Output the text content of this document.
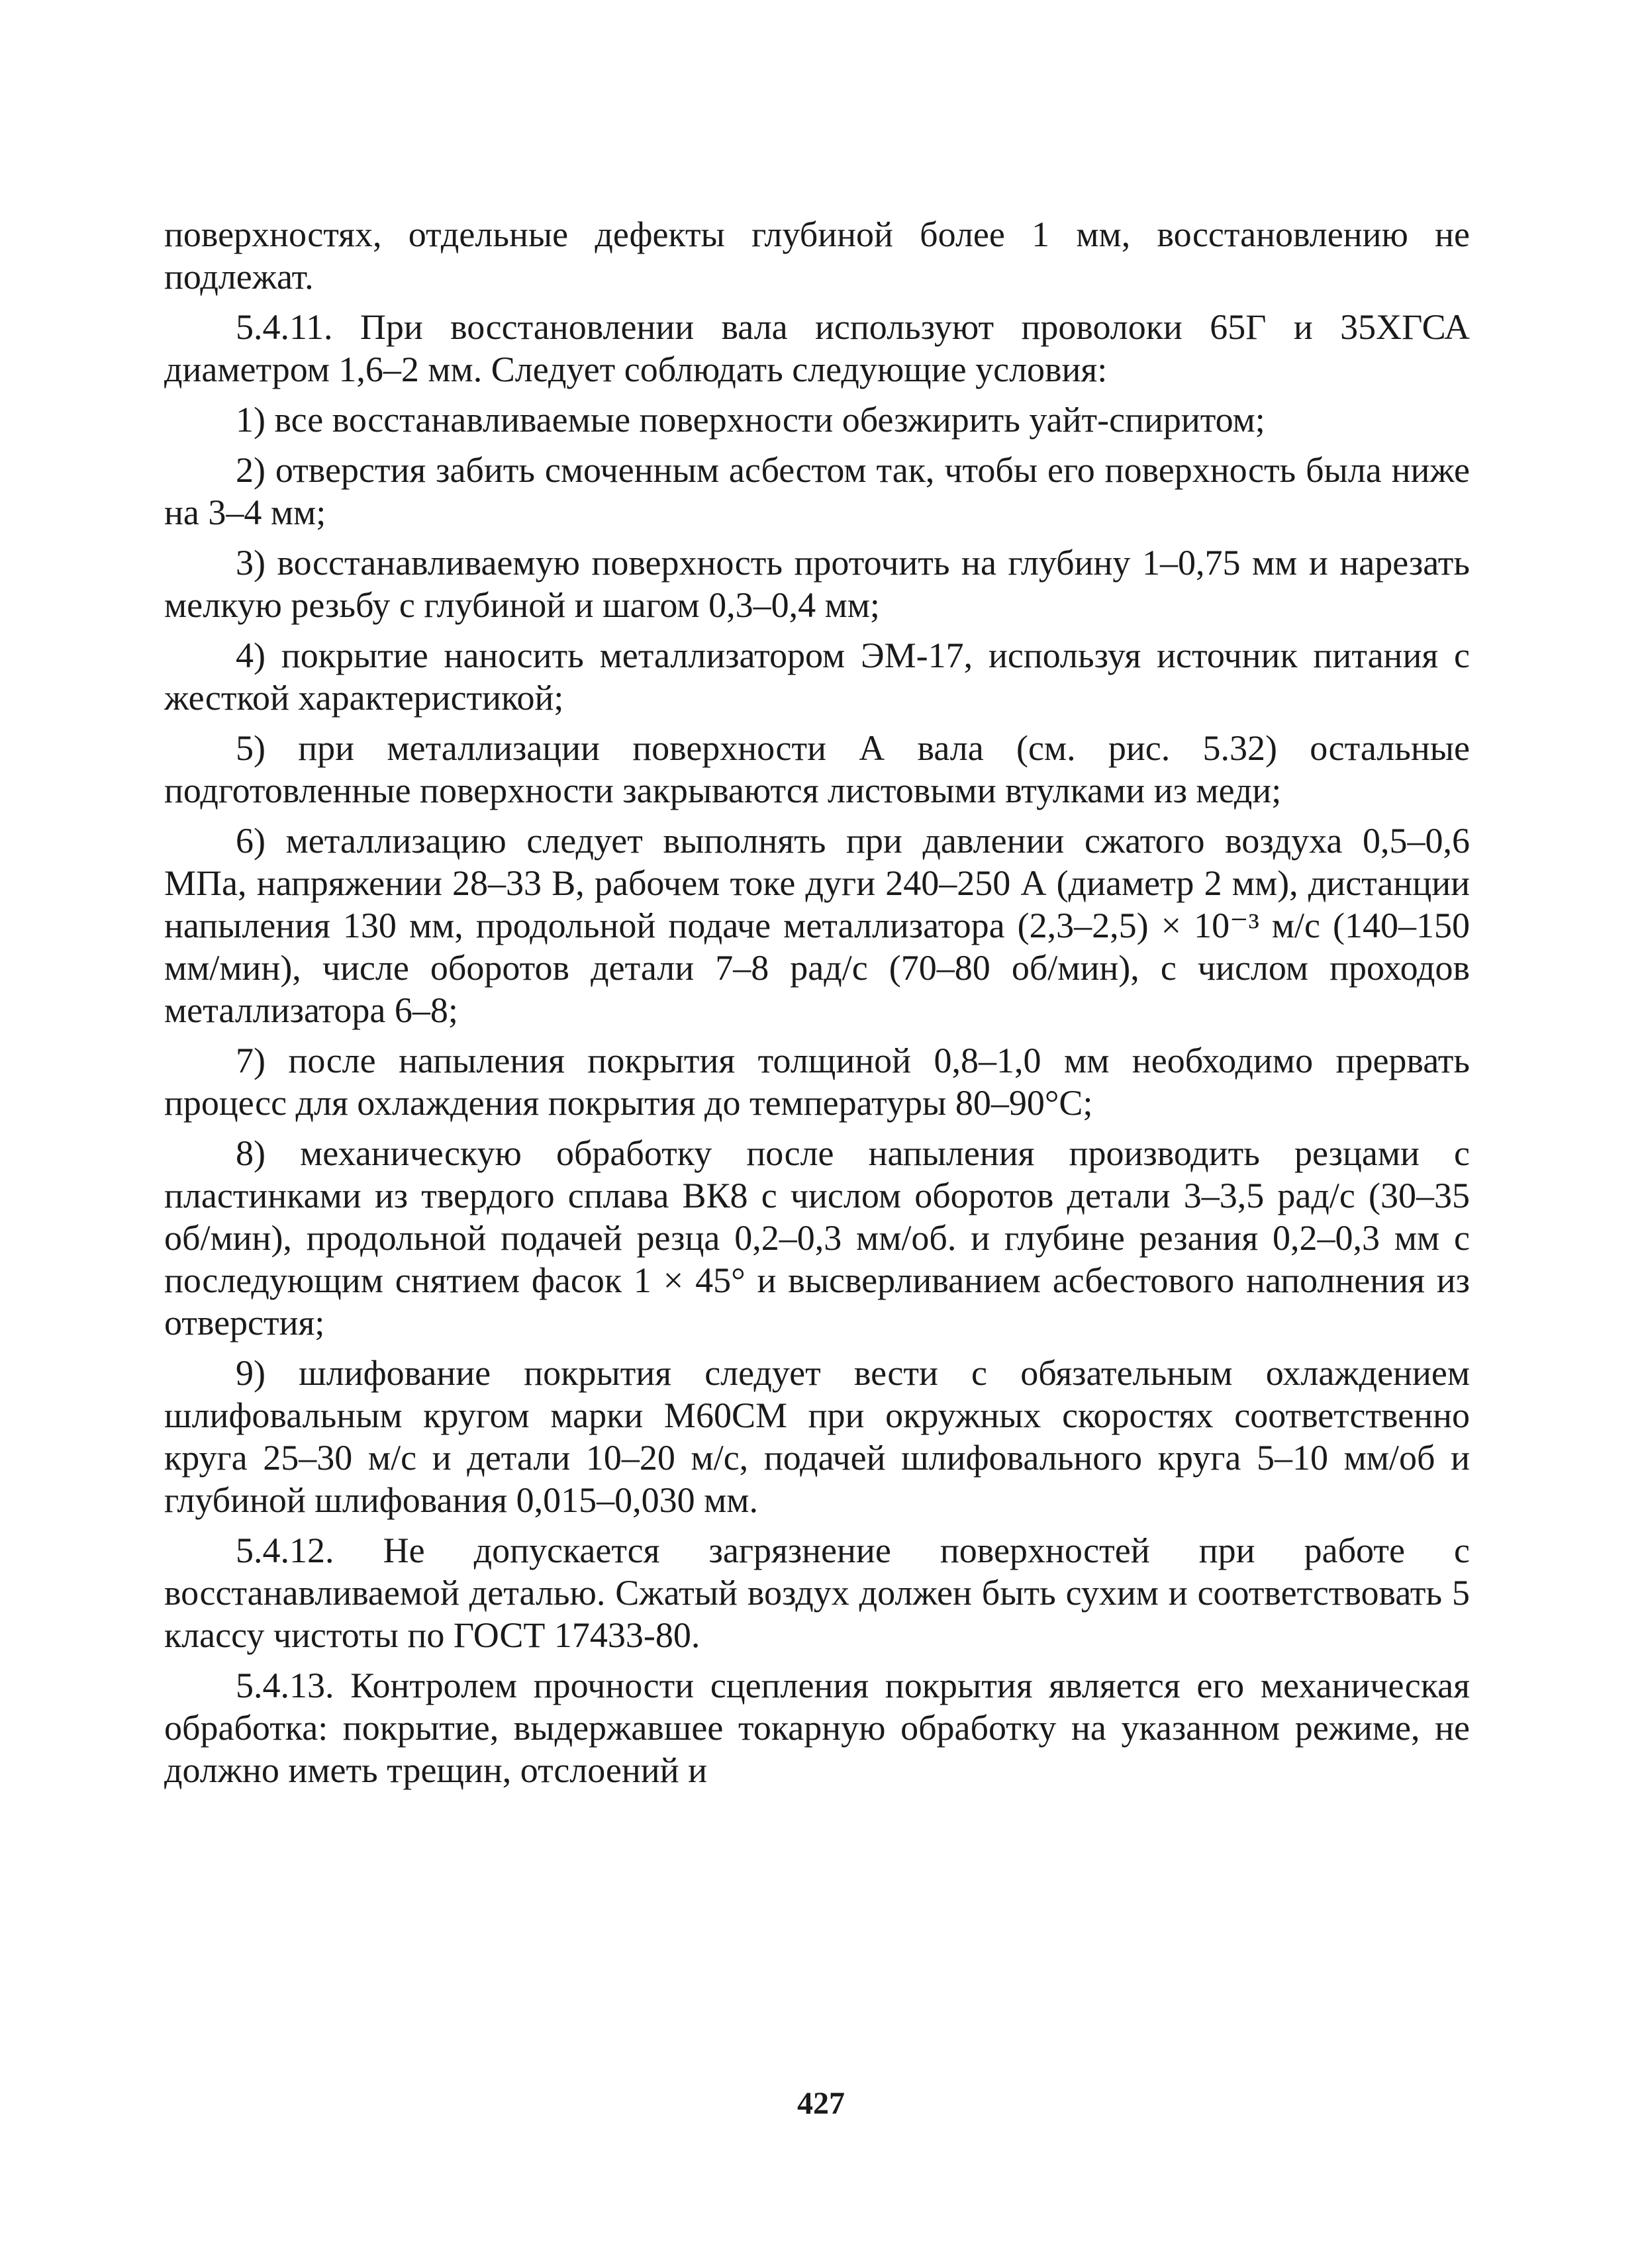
поверхностях, отдельные дефекты глубиной более 1 мм, восстановлению не подлежат.

5.4.11. При восстановлении вала используют проволоки 65Г и 35ХГСА диаметром 1,6–2 мм. Следует соблюдать следующие условия:

1) все восстанавливаемые поверхности обезжирить уайт-спиритом;

2) отверстия забить смоченным асбестом так, чтобы его поверхность была ниже на 3–4 мм;

3) восстанавливаемую поверхность проточить на глубину 1–0,75 мм и нарезать мелкую резьбу с глубиной и шагом 0,3–0,4 мм;

4) покрытие наносить металлизатором ЭМ-17, используя источник питания с жесткой характеристикой;

5) при металлизации поверхности А вала (см. рис. 5.32) остальные подготовленные поверхности закрываются листовыми втулками из меди;

6) металлизацию следует выполнять при давлении сжатого воздуха 0,5–0,6 МПа, напряжении 28–33 В, рабочем токе дуги 240–250 А (диаметр 2 мм), дистанции напыления 130 мм, продольной подаче металлизатора (2,3–2,5) × 10⁻³ м/с (140–150 мм/мин), числе оборотов детали 7–8 рад/с (70–80 об/мин), с числом проходов металлизатора 6–8;

7) после напыления покрытия толщиной 0,8–1,0 мм необходимо прервать процесс для охлаждения покрытия до температуры 80–90°С;

8) механическую обработку после напыления производить резцами с пластинками из твердого сплава ВК8 с числом оборотов детали 3–3,5 рад/с (30–35 об/мин), продольной подачей резца 0,2–0,3 мм/об. и глубине резания 0,2–0,3 мм с последующим снятием фасок 1 × 45° и высверливанием асбестового наполнения из отверстия;

9) шлифование покрытия следует вести с обязательным охлаждением шлифовальным кругом марки М60СМ при окружных скоростях соответственно круга 25–30 м/с и детали 10–20 м/с, подачей шлифовального круга 5–10 мм/об и глубиной шлифования 0,015–0,030 мм.

5.4.12. Не допускается загрязнение поверхностей при работе с восстанавливаемой деталью. Сжатый воздух должен быть сухим и соответствовать 5 классу чистоты по ГОСТ 17433-80.

5.4.13. Контролем прочности сцепления покрытия является его механическая обработка: покрытие, выдержавшее токарную обработку на указанном режиме, не должно иметь трещин, отслоений и

427
